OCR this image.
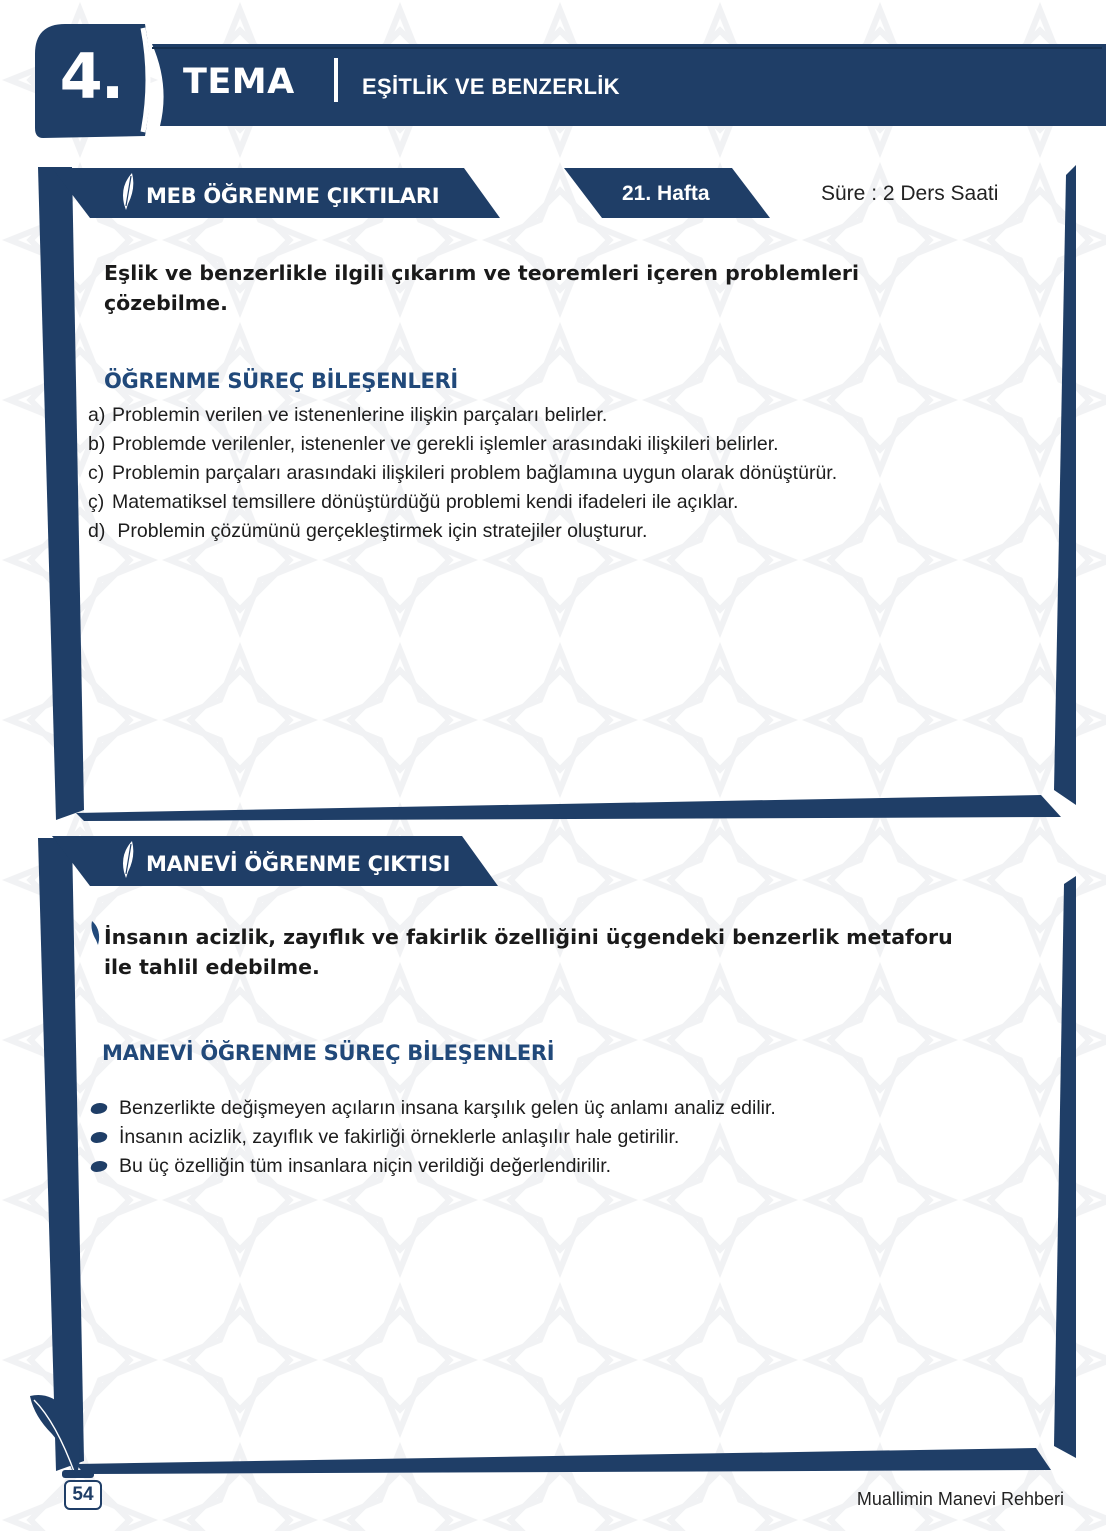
4.	TEMA	EŞİTLİK VE BENZERLİK
MEB ÖĞRENME ÇIKTILARI	21. Hafta	Süre : 2 Ders Saati
Eşlik ve benzerlikle ilgili çıkarım ve teoremleri içeren problemleri
çözebilme.
ÖĞRENME SÜREÇ BİLEŞENLERİ
a) Problemin verilen ve istenenlerine ilişkin parçaları belirler.
b) Problemde verilenler, istenenler ve gerekli işlemler arasındaki ilişkileri belirler.
c) Problemin parçaları arasındaki ilişkileri problem bağlamına uygun olarak dönüştürür.
ç) Matematiksel temsillere dönüştürdüğü problemi kendi ifadeleri ile açıklar.
d) Problemin çözümünü gerçekleştirmek için stratejiler oluşturur.
MANEVİ ÖĞRENME ÇIKTISI
İnsanın acizlik, zayıflık ve fakirlik özelliğini üçgendeki benzerlik metaforu
ile tahlil edebilme.
MANEVİ ÖĞRENME SÜREÇ BİLEŞENLERİ
Benzerlikte değişmeyen açıların insana karşılık gelen üç anlamı analiz edilir.
İnsanın acizlik, zayıflık ve fakirliği örneklerle anlaşılır hale getirilir.
Bu üç özelliğin tüm insanlara niçin verildiği değerlendirilir.
54	Muallimin Manevi Rehberi
